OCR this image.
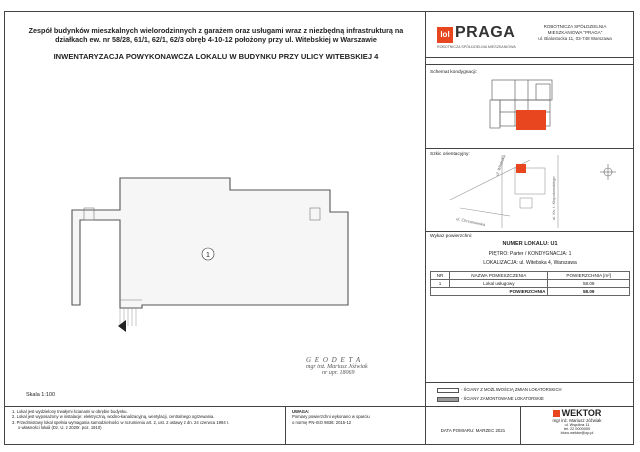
Zespół budynków mieszkalnych wielorodzinnych z garażem oraz usługami wraz z niezbędną infrastrukturą na
działkach ew. nr 58/28, 61/1, 62/1, 62/3 obręb 4-10-12 położony przy ul. Witebskiej w Warszawie
INWENTARYZACJA POWYKONAWCZA LOKALU W BUDYNKU PRZY ULICY WITEBSKIEJ 4
lol PRAGA
ROBOTNICZA SPÓŁDZIELNIA MIESZKANIOWA
ROBOTNICZA SPÓŁDZIELNIA
MIESZKANIOWA "PRAGA"
ul. Bialostocka 11, 03-748 Warszawa
Schemat kondygnacji:
Szkic orientacyjny:	ul. Witebska
ul. Chrzanowska
ul. Ks. I. Kłopotowskiego
Wykaz powierzchni:
NUMER LOKALU: U1
PIĘTRO: Parter / KONDYGNACJA: 1
LOKALIZACJA: ul. Witebska 4, Warszawa
NR	NAZWA POMIESZCZENIA	POWIERZCHNIA [m²]
1	Lokal usługowy	58.09
POWIERZCHNIA		58.09
1
Skala 1:100
G E O D E T A
mgr inż. Mariusz Jóźwiak
nr upr. 18069
- ŚCIANY Z MOŻLIWOŚCIĄ ZMIAN LOKATORSKICH
- ŚCIANY ZAMONTOWANE LOKATORSKIE
1. Lokal jest wydzielony trwałymi ścianami w obrębie budynku.
2. Lokal jest wyposażony w instalacje: elektryczną, wodno-kanalizacyjną, wentylacji, centralnego ogrzewania.
3. Przedmiotowy lokal spełnia wymagania samodzielności w rozumieniu art. 2, ust. 2 ustawy z dn. 24 czerwca 1994 r.
o własności lokali (Dz. U. z 2020r. poz. 1910)
UWAGA:
Pomiary powierzchni wykonano w oparciu
o normę PN-ISO 9836: 2015-12
DATA POMIARU: MARZEC 2021
WEKTOR
mgr inż. Mariusz Jóźwiak
ul. Wspólna 11
tel. 22 0000000
biuro.wektor@op.pl
